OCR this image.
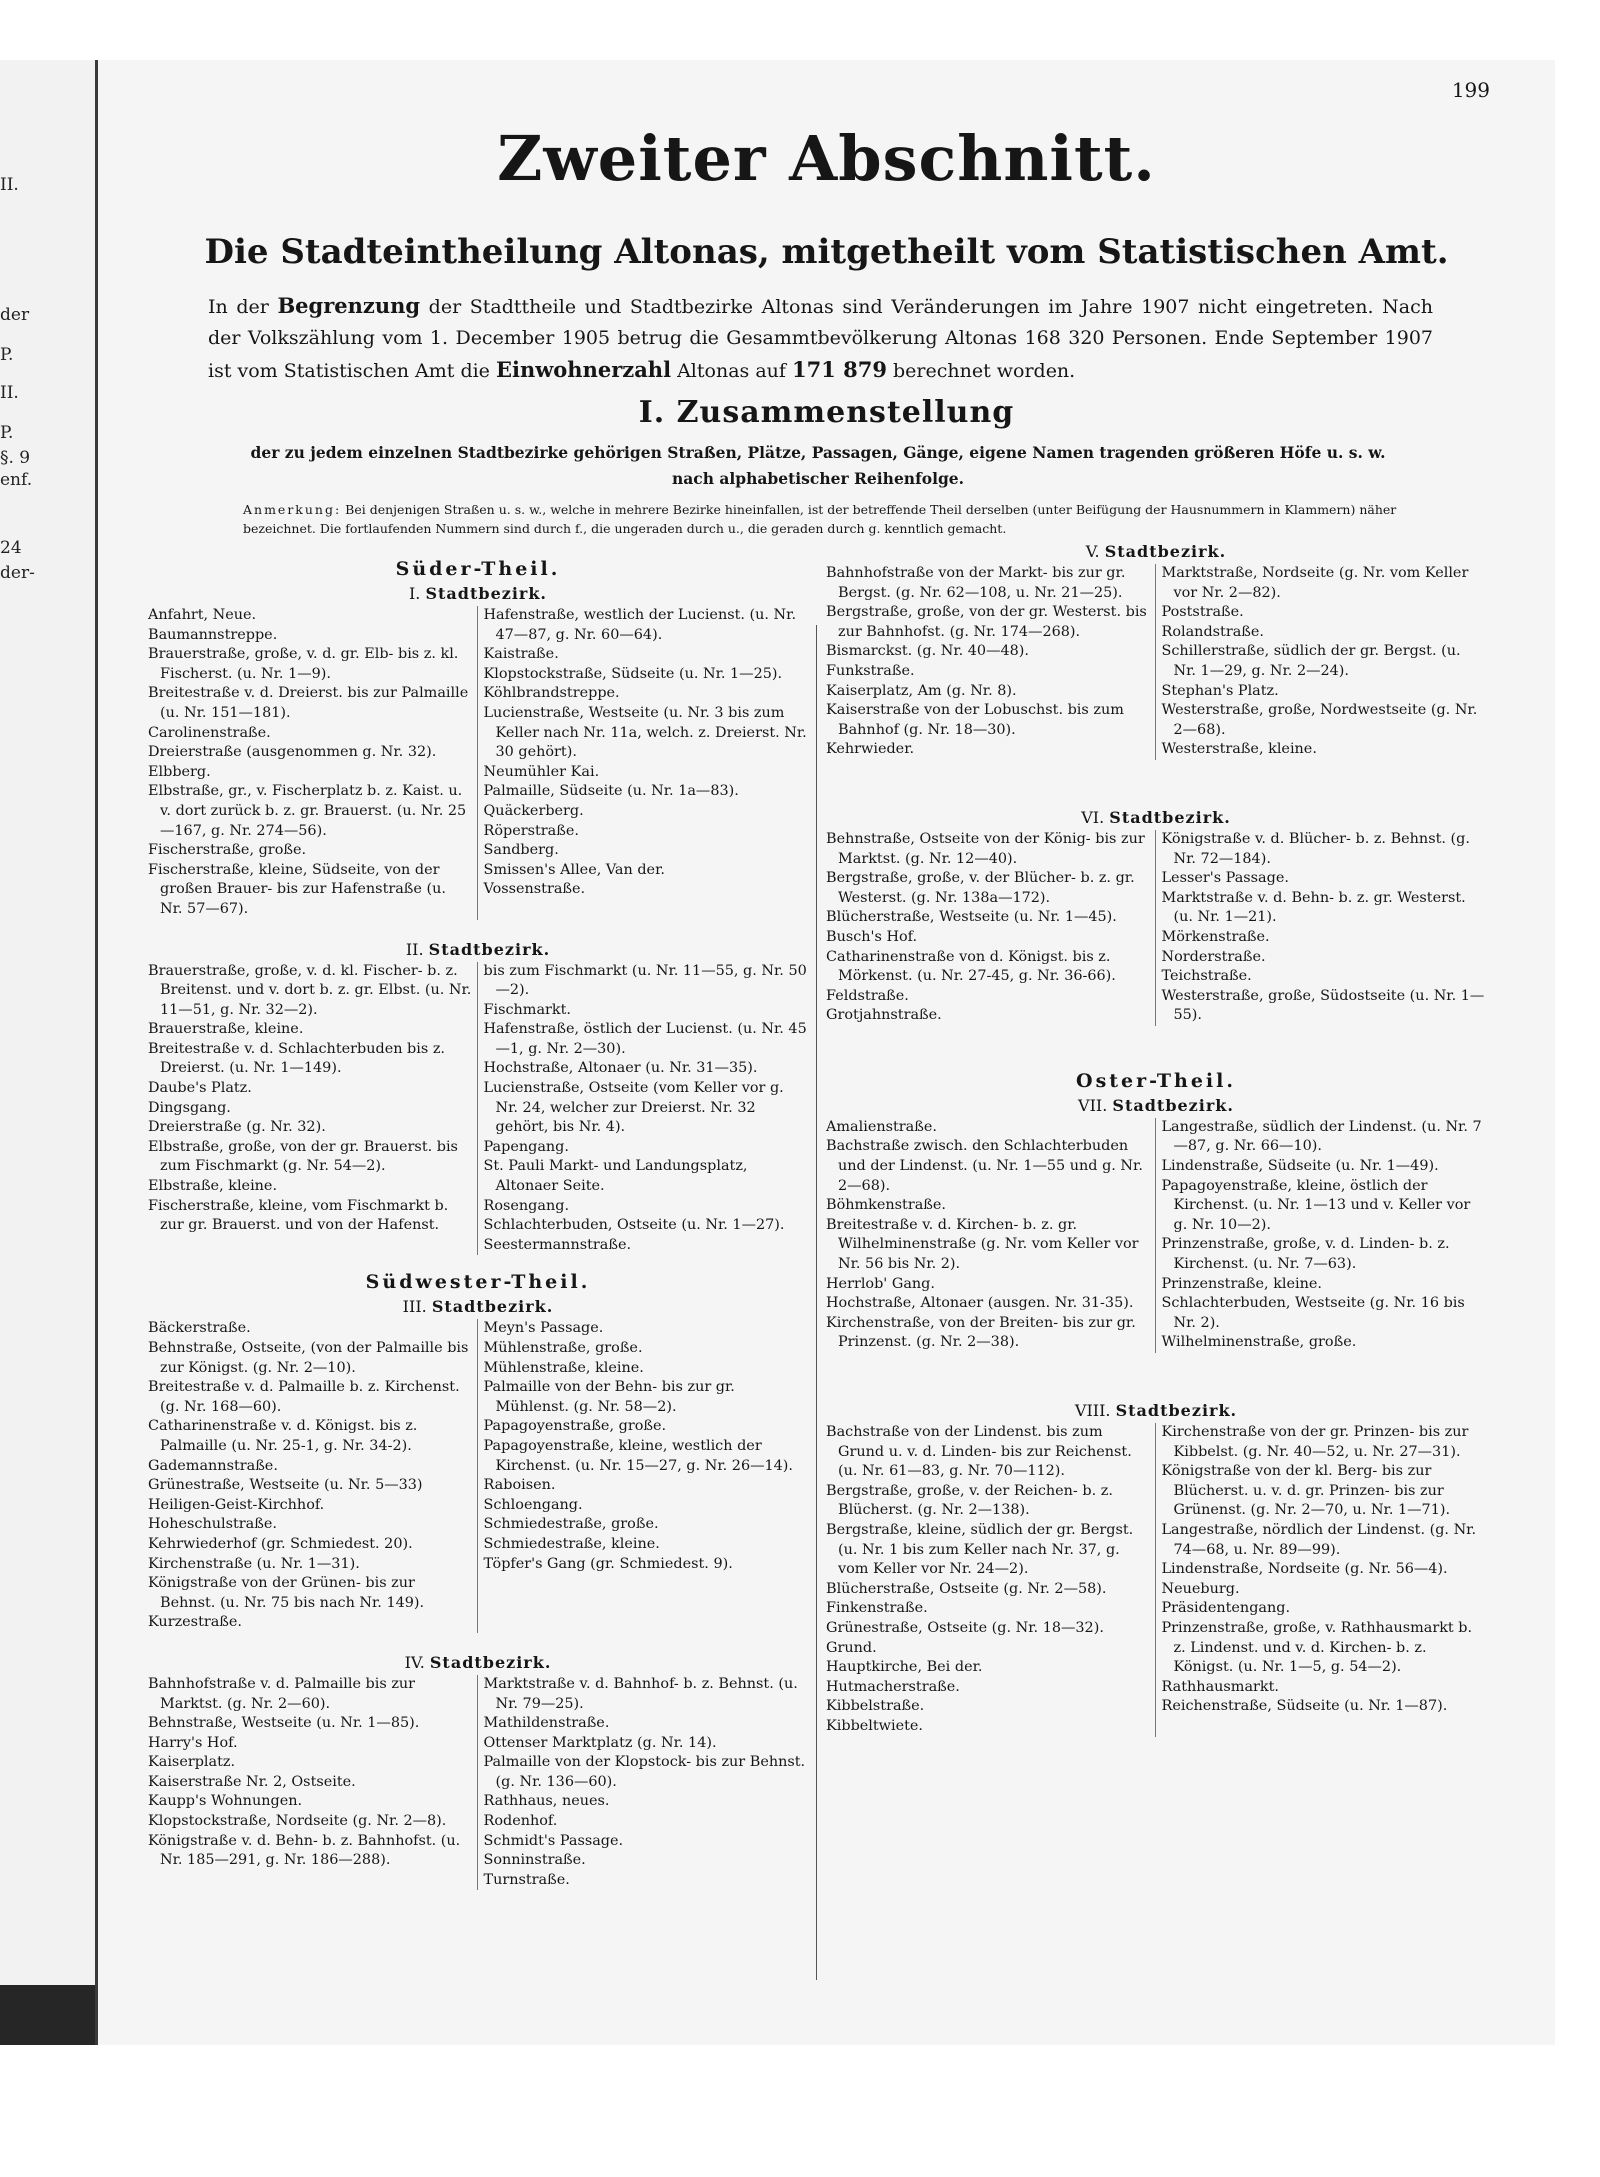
II.
der
P.
II.
P.
§. 9
enf.
24
der-
199
Zweiter Abschnitt.
Die Stadteintheilung Altonas, mitgetheilt vom Statistischen Amt.
In der Begrenzung der Stadttheile und Stadtbezirke Altonas sind Veränderungen im Jahre 1907 nicht eingetreten. Nach der Volkszählung vom 1. December 1905 betrug die Gesammtbevölkerung Altonas 168 320 Personen. Ende September 1907 ist vom Statistischen Amt die Einwohnerzahl Altonas auf 171 879 berechnet worden.
I. Zusammenstellung
der zu jedem einzelnen Stadtbezirke gehörigen Straßen, Plätze, Passagen, Gänge, eigene Namen tragenden größeren Höfe u. s. w.
nach alphabetischer Reihenfolge.
Anmerkung: Bei denjenigen Straßen u. s. w., welche in mehrere Bezirke hineinfallen, ist der betreffende Theil derselben (unter Beifügung der Hausnummern in Klammern) näher bezeichnet. Die fortlaufenden Nummern sind durch f., die ungeraden durch u., die geraden durch g. kenntlich gemacht.
Süder-Theil.
I. Stadtbezirk.
Anfahrt, Neue.
Baumannstreppe.
Brauerstraße, große, v. d. gr. Elb- bis z. kl. Fischerst. (u. Nr. 1—9).
Breitestraße v. d. Dreierst. bis zur Palmaille (u. Nr. 151—181).
Carolinenstraße.
Dreierstraße (ausgenommen g. Nr. 32).
Elbberg.
Elbstraße, gr., v. Fischerplatz b. z. Kaist. u. v. dort zurück b. z. gr. Brauerst. (u. Nr. 25—167, g. Nr. 274—56).
Fischerstraße, große.
Fischerstraße, kleine, Südseite, von der großen Brauer- bis zur Hafenstraße (u. Nr. 57—67).
Hafenstraße, westlich der Lucienst. (u. Nr. 47—87, g. Nr. 60—64).
Kaistraße.
Klopstockstraße, Südseite (u. Nr. 1—25).
Köhlbrandstreppe.
Lucienstraße, Westseite (u. Nr. 3 bis zum Keller nach Nr. 11a, welch. z. Dreierst. Nr. 30 gehört).
Neumühler Kai.
Palmaille, Südseite (u. Nr. 1a—83).
Quäckerberg.
Röperstraße.
Sandberg.
Smissen's Allee, Van der.
Vossenstraße.
II. Stadtbezirk.
Brauerstraße, große, v. d. kl. Fischer- b. z. Breitenst. und v. dort b. z. gr. Elbst. (u. Nr. 11—51, g. Nr. 32—2).
Brauerstraße, kleine.
Breitestraße v. d. Schlachterbuden bis z. Dreierst. (u. Nr. 1—149).
Daube's Platz.
Dingsgang.
Dreierstraße (g. Nr. 32).
Elbstraße, große, von der gr. Brauerst. bis zum Fischmarkt (g. Nr. 54—2).
Elbstraße, kleine.
Fischerstraße, kleine, vom Fischmarkt b. zur gr. Brauerst. und von der Hafenst.
bis zum Fischmarkt (u. Nr. 11—55, g. Nr. 50—2).
Fischmarkt.
Hafenstraße, östlich der Lucienst. (u. Nr. 45—1, g. Nr. 2—30).
Hochstraße, Altonaer (u. Nr. 31—35).
Lucienstraße, Ostseite (vom Keller vor g. Nr. 24, welcher zur Dreierst. Nr. 32 gehört, bis Nr. 4).
Papengang.
St. Pauli Markt- und Landungsplatz, Altonaer Seite.
Rosengang.
Schlachterbuden, Ostseite (u. Nr. 1—27).
Seestermannstraße.
Südwester-Theil.
III. Stadtbezirk.
Bäckerstraße.
Behnstraße, Ostseite, (von der Palmaille bis zur Königst. (g. Nr. 2—10).
Breitestraße v. d. Palmaille b. z. Kirchenst. (g. Nr. 168—60).
Catharinenstraße v. d. Königst. bis z. Palmaille (u. Nr. 25-1, g. Nr. 34-2).
Gademannstraße.
Grünestraße, Westseite (u. Nr. 5—33)
Heiligen-Geist-Kirchhof.
Hoheschulstraße.
Kehrwiederhof (gr. Schmiedest. 20).
Kirchenstraße (u. Nr. 1—31).
Königstraße von der Grünen- bis zur Behnst. (u. Nr. 75 bis nach Nr. 149).
Kurzestraße.
Meyn's Passage.
Mühlenstraße, große.
Mühlenstraße, kleine.
Palmaille von der Behn- bis zur gr. Mühlenst. (g. Nr. 58—2).
Papagoyenstraße, große.
Papagoyenstraße, kleine, westlich der Kirchenst. (u. Nr. 15—27, g. Nr. 26—14).
Raboisen.
Schloengang.
Schmiedestraße, große.
Schmiedestraße, kleine.
Töpfer's Gang (gr. Schmiedest. 9).
IV. Stadtbezirk.
Bahnhofstraße v. d. Palmaille bis zur Marktst. (g. Nr. 2—60).
Behnstraße, Westseite (u. Nr. 1—85).
Harry's Hof.
Kaiserplatz.
Kaiserstraße Nr. 2, Ostseite.
Kaupp's Wohnungen.
Klopstockstraße, Nordseite (g. Nr. 2—8).
Königstraße v. d. Behn- b. z. Bahnhofst. (u. Nr. 185—291, g. Nr. 186—288).
Marktstraße v. d. Bahnhof- b. z. Behnst. (u. Nr. 79—25).
Mathildenstraße.
Ottenser Marktplatz (g. Nr. 14).
Palmaille von der Klopstock- bis zur Behnst. (g. Nr. 136—60).
Rathhaus, neues.
Rodenhof.
Schmidt's Passage.
Sonninstraße.
Turnstraße.
V. Stadtbezirk.
Bahnhofstraße von der Markt- bis zur gr. Bergst. (g. Nr. 62—108, u. Nr. 21—25).
Bergstraße, große, von der gr. Westerst. bis zur Bahnhofst. (g. Nr. 174—268).
Bismarckst. (g. Nr. 40—48).
Funkstraße.
Kaiserplatz, Am (g. Nr. 8).
Kaiserstraße von der Lobuschst. bis zum Bahnhof (g. Nr. 18—30).
Kehrwieder.
Marktstraße, Nordseite (g. Nr. vom Keller vor Nr. 2—82).
Poststraße.
Rolandstraße.
Schillerstraße, südlich der gr. Bergst. (u. Nr. 1—29, g. Nr. 2—24).
Stephan's Platz.
Westerstraße, große, Nordwestseite (g. Nr. 2—68).
Westerstraße, kleine.
VI. Stadtbezirk.
Behnstraße, Ostseite von der König- bis zur Marktst. (g. Nr. 12—40).
Bergstraße, große, v. der Blücher- b. z. gr. Westerst. (g. Nr. 138a—172).
Blücherstraße, Westseite (u. Nr. 1—45).
Busch's Hof.
Catharinenstraße von d. Königst. bis z. Mörkenst. (u. Nr. 27-45, g. Nr. 36-66).
Feldstraße.
Grotjahnstraße.
Königstraße v. d. Blücher- b. z. Behnst. (g. Nr. 72—184).
Lesser's Passage.
Marktstraße v. d. Behn- b. z. gr. Westerst. (u. Nr. 1—21).
Mörkenstraße.
Norderstraße.
Teichstraße.
Westerstraße, große, Südostseite (u. Nr. 1—55).
Oster-Theil.
VII. Stadtbezirk.
Amalienstraße.
Bachstraße zwisch. den Schlachterbuden und der Lindenst. (u. Nr. 1—55 und g. Nr. 2—68).
Böhmkenstraße.
Breitestraße v. d. Kirchen- b. z. gr. Wilhelminenstraße (g. Nr. vom Keller vor Nr. 56 bis Nr. 2).
Herrlob' Gang.
Hochstraße, Altonaer (ausgen. Nr. 31-35).
Kirchenstraße, von der Breiten- bis zur gr. Prinzenst. (g. Nr. 2—38).
Langestraße, südlich der Lindenst. (u. Nr. 7—87, g. Nr. 66—10).
Lindenstraße, Südseite (u. Nr. 1—49).
Papagoyenstraße, kleine, östlich der Kirchenst. (u. Nr. 1—13 und v. Keller vor g. Nr. 10—2).
Prinzenstraße, große, v. d. Linden- b. z. Kirchenst. (u. Nr. 7—63).
Prinzenstraße, kleine.
Schlachterbuden, Westseite (g. Nr. 16 bis Nr. 2).
Wilhelminenstraße, große.
VIII. Stadtbezirk.
Bachstraße von der Lindenst. bis zum Grund u. v. d. Linden- bis zur Reichenst. (u. Nr. 61—83, g. Nr. 70—112).
Bergstraße, große, v. der Reichen- b. z. Blücherst. (g. Nr. 2—138).
Bergstraße, kleine, südlich der gr. Bergst. (u. Nr. 1 bis zum Keller nach Nr. 37, g. vom Keller vor Nr. 24—2).
Blücherstraße, Ostseite (g. Nr. 2—58).
Finkenstraße.
Grünestraße, Ostseite (g. Nr. 18—32).
Grund.
Hauptkirche, Bei der.
Hutmacherstraße.
Kibbelstraße.
Kibbeltwiete.
Kirchenstraße von der gr. Prinzen- bis zur Kibbelst. (g. Nr. 40—52, u. Nr. 27—31).
Königstraße von der kl. Berg- bis zur Blücherst. u. v. d. gr. Prinzen- bis zur Grünenst. (g. Nr. 2—70, u. Nr. 1—71).
Langestraße, nördlich der Lindenst. (g. Nr. 74—68, u. Nr. 89—99).
Lindenstraße, Nordseite (g. Nr. 56—4).
Neueburg.
Präsidentengang.
Prinzenstraße, große, v. Rathhausmarkt b. z. Lindenst. und v. d. Kirchen- b. z. Königst. (u. Nr. 1—5, g. 54—2).
Rathhausmarkt.
Reichenstraße, Südseite (u. Nr. 1—87).
